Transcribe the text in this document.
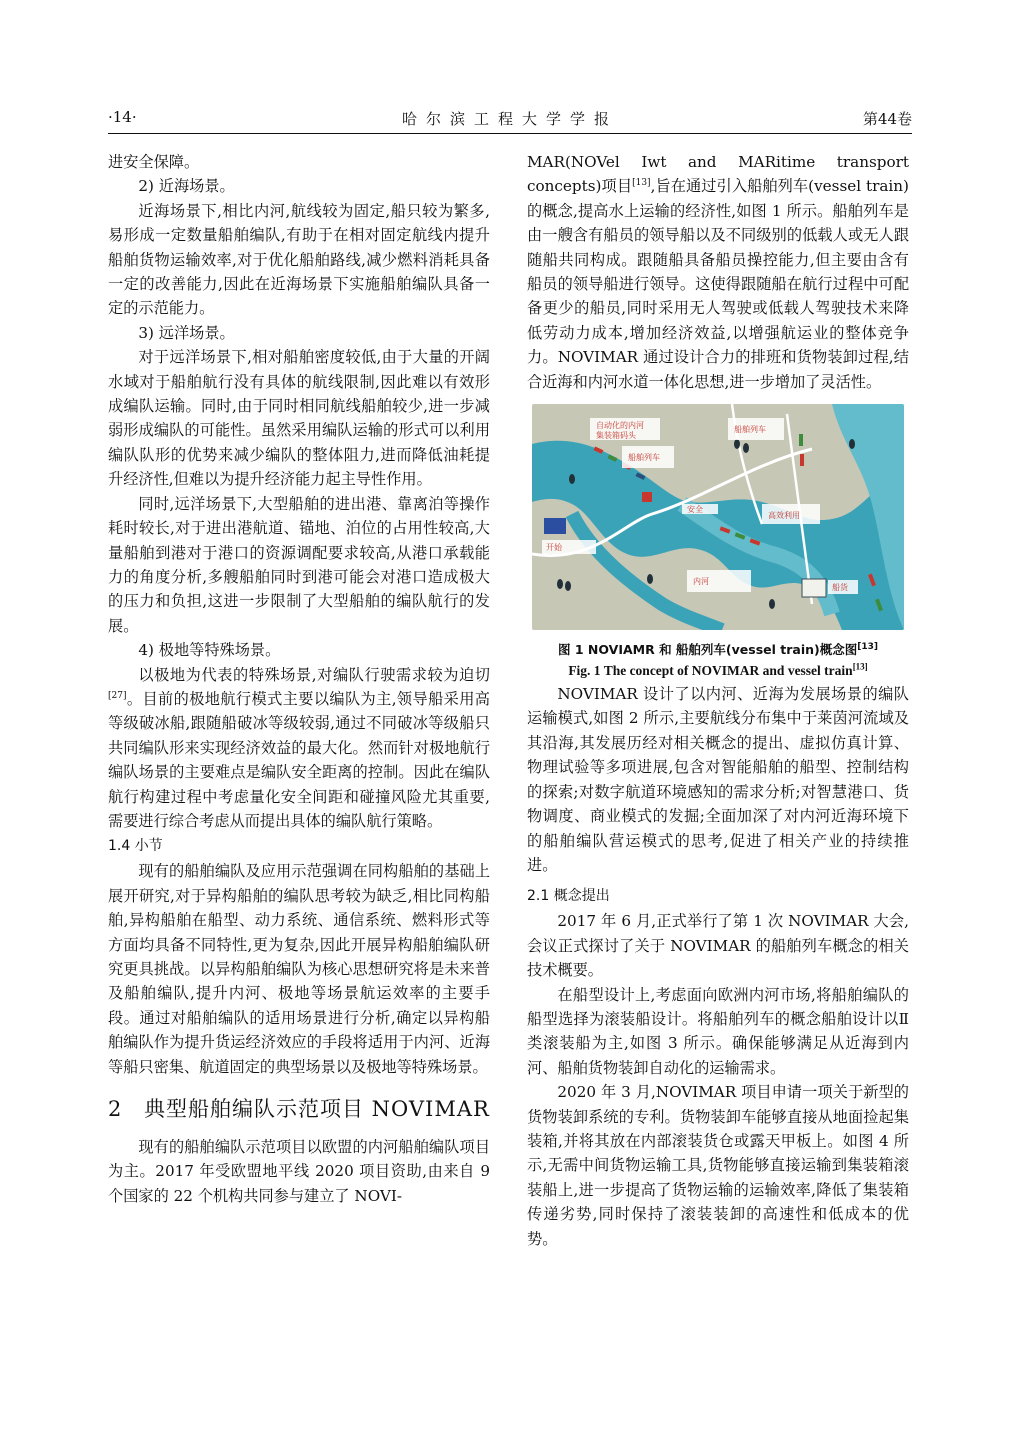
·14·	哈尔滨工程大学学报	第44卷

进安全保障。

2) 近海场景。

近海场景下,相比内河,航线较为固定,船只较为繁多,易形成一定数量船舶编队,有助于在相对固定航线内提升船舶货物运输效率,对于优化船舶路线,减少燃料消耗具备一定的改善能力,因此在近海场景下实施船舶编队具备一定的示范能力。

3) 远洋场景。

对于远洋场景下,相对船舶密度较低,由于大量的开阔水域对于船舶航行没有具体的航线限制,因此难以有效形成编队运输。同时,由于同时相同航线船舶较少,进一步减弱形成编队的可能性。虽然采用编队运输的形式可以利用编队队形的优势来减少编队的整体阻力,进而降低油耗提升经济性,但难以为提升经济能力起主导性作用。

同时,远洋场景下,大型船舶的进出港、靠离泊等操作耗时较长,对于进出港航道、锚地、泊位的占用性较高,大量船舶到港对于港口的资源调配要求较高,从港口承载能力的角度分析,多艘船舶同时到港可能会对港口造成极大的压力和负担,这进一步限制了大型船舶的编队航行的发展。

4) 极地等特殊场景。

以极地为代表的特殊场景,对编队行驶需求较为迫切[27]。目前的极地航行模式主要以编队为主,领导船采用高等级破冰船,跟随船破冰等级较弱,通过不同破冰等级船只共同编队形来实现经济效益的最大化。然而针对极地航行编队场景的主要难点是编队安全距离的控制。因此在编队航行构建过程中考虑量化安全间距和碰撞风险尤其重要,需要进行综合考虑从而提出具体的编队航行策略。

1.4 小节

现有的船舶编队及应用示范强调在同构船舶的基础上展开研究,对于异构船舶的编队思考较为缺乏,相比同构船舶,异构船舶在船型、动力系统、通信系统、燃料形式等方面均具备不同特性,更为复杂,因此开展异构船舶编队研究更具挑战。以异构船舶编队为核心思想研究将是未来普及船舶编队,提升内河、极地等场景航运效率的主要手段。通过对船舶编队的适用场景进行分析,确定以异构船舶编队作为提升货运经济效应的手段将适用于内河、近海等船只密集、航道固定的典型场景以及极地等特殊场景。

2 典型船舶编队示范项目 NOVIMAR

现有的船舶编队示范项目以欧盟的内河船舶编队项目为主。2017 年受欧盟地平线 2020 项目资助,由来自 9 个国家的 22 个机构共同参与建立了 NOVI-

MAR(NOVel Iwt and MARitime transport concepts)项目[13],旨在通过引入船舶列车(vessel train)的概念,提高水上运输的经济性,如图 1 所示。船舶列车是由一艘含有船员的领导船以及不同级别的低载人或无人跟随船共同构成。跟随船具备船员操控能力,但主要由含有船员的领导船进行领导。这使得跟随船在航行过程中可配备更少的船员,同时采用无人驾驶或低载人驾驶技术来降低劳动力成本,增加经济效益,以增强航运业的整体竞争力。NOVIMAR 通过设计合力的排班和货物装卸过程,结合近海和内河水道一体化思想,进一步增加了灵活性。

自动化的内河
集装箱码头
船舶列车
船舶列车
安全
高效利用
开始
内河
船货

图 1 NOVIAMR 和 船舶列车(vessel train)概念图[13]

Fig. 1 The concept of NOVIMAR and vessel train[13]

NOVIMAR 设计了以内河、近海为发展场景的编队运输模式,如图 2 所示,主要航线分布集中于莱茵河流域及其沿海,其发展历经对相关概念的提出、虚拟仿真计算、物理试验等多项进展,包含对智能船舶的船型、控制结构的探索;对数字航道环境感知的需求分析;对智慧港口、货物调度、商业模式的发掘;全面加深了对内河近海环境下的船舶编队营运模式的思考,促进了相关产业的持续推进。

2.1 概念提出

2017 年 6 月,正式举行了第 1 次 NOVIMAR 大会,会议正式探讨了关于 NOVIMAR 的船舶列车概念的相关技术概要。

在船型设计上,考虑面向欧洲内河市场,将船舶编队的船型选择为滚装船设计。将船舶列车的概念船舶设计以Ⅱ类滚装船为主,如图 3 所示。确保能够满足从近海到内河、船舶货物装卸自动化的运输需求。

2020 年 3 月,NOVIMAR 项目申请一项关于新型的货物装卸系统的专利。货物装卸车能够直接从地面捡起集装箱,并将其放在内部滚装货仓或露天甲板上。如图 4 所示,无需中间货物运输工具,货物能够直接运输到集装箱滚装船上,进一步提高了货物运输的运输效率,降低了集装箱传递劣势,同时保持了滚装装卸的高速性和低成本的优势。
